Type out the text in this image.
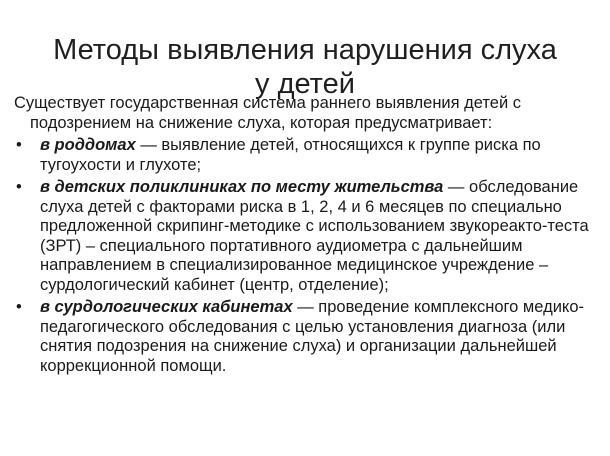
Методы выявления нарушения слуха
у детей

Существует государственная система раннего выявления детей с подозрением на снижение слуха, которая предусматривает:

•	в роддомах — выявление детей, относящихся к группе риска по тугоухости и глухоте;
•	в детских поликлиниках по месту жительства — обследование слуха детей с факторами риска в 1, 2, 4 и 6 месяцев по специально предложенной скрипинг-методике с использованием звукореакто-теста (ЗРТ) – специального портативного аудиометра с дальнейшим направлением в специализированное медицинское учреждение – сурдологический кабинет (центр, отделение);
•	в сурдологических кабинетах — проведение комплексного медико-педагогического обследования с целью установления диагноза (или снятия подозрения на снижение слуха) и организации дальнейшей коррекционной помощи.
